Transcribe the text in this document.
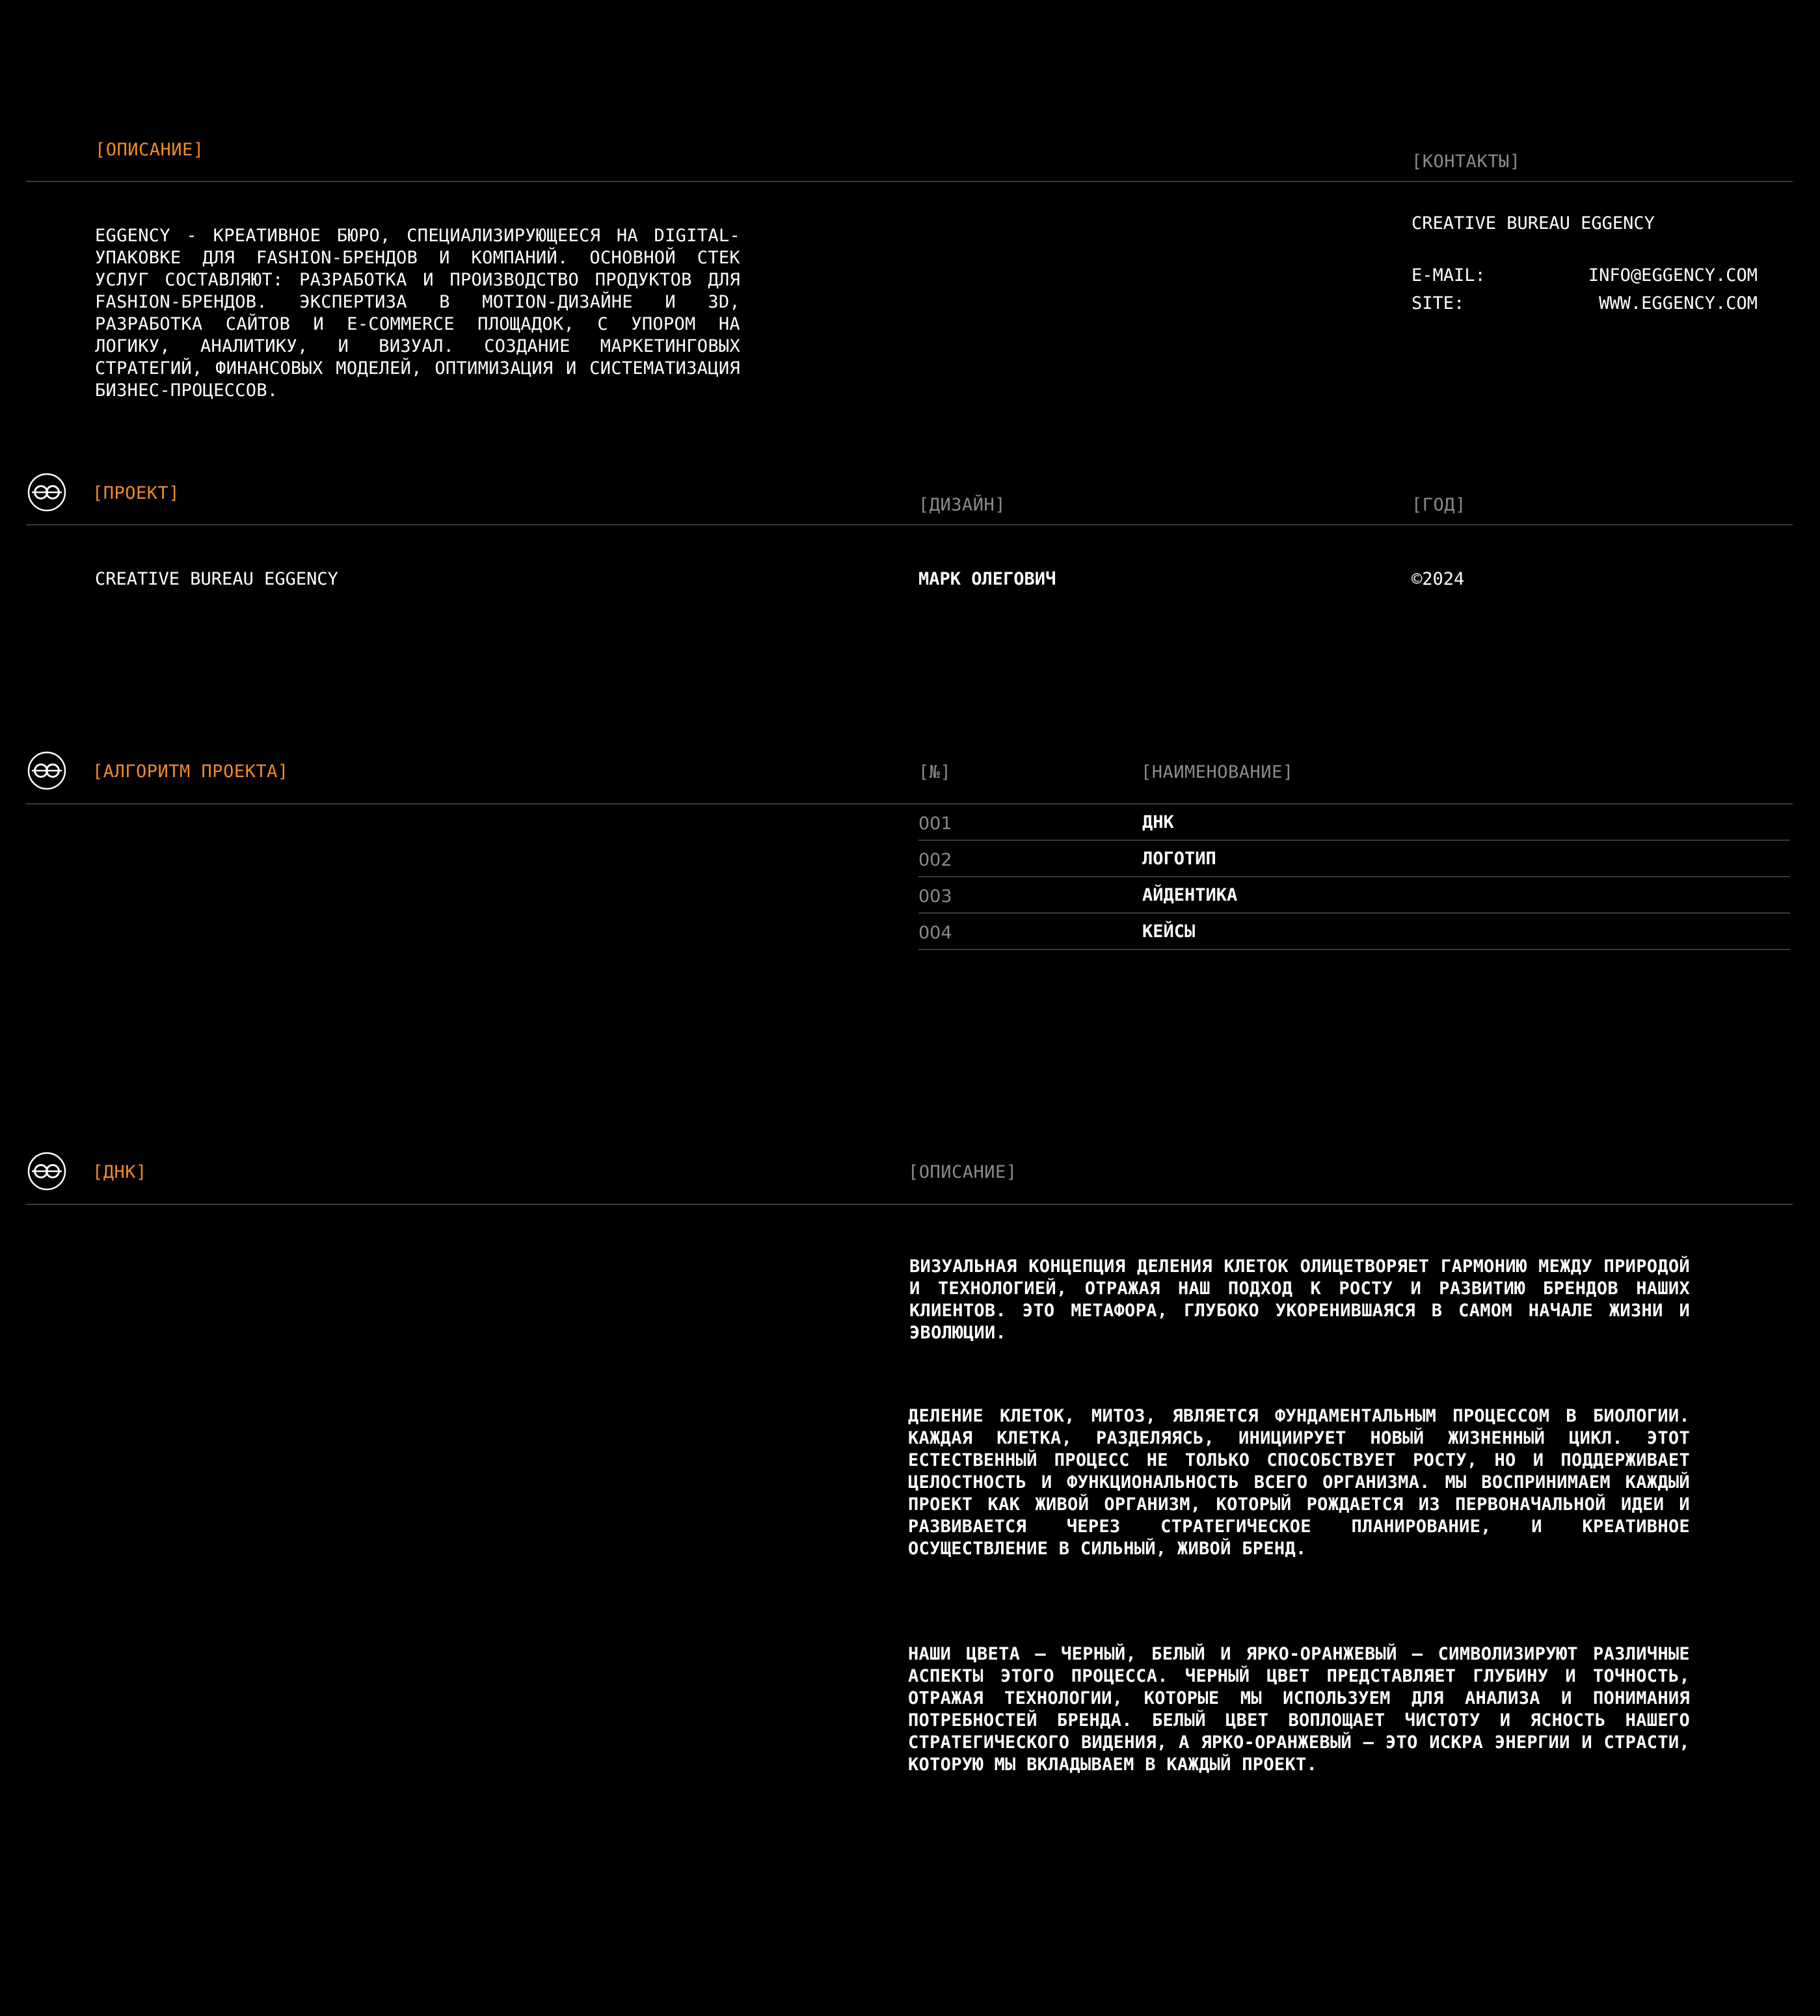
[ОПИСАНИЕ]
[КОНТАКТЫ]
EGGENCY - КРЕАТИВНОЕ БЮРО, СПЕЦИАЛИЗИРУЮЩЕЕСЯ НА DIGITAL-УПАКОВКЕ ДЛЯ FASHION-БРЕНДОВ И КОМПАНИЙ. ОСНОВНОЙ СТЕК УСЛУГ СОСТАВЛЯЮТ: РАЗРАБОТКА И ПРОИЗВОДСТВО ПРОДУКТОВ ДЛЯ FASHION-БРЕНДОВ. ЭКСПЕРТИЗА В MOTION-ДИЗАЙНЕ И 3D, РАЗРАБОТКА САЙТОВ И E-COMMERCE ПЛОЩАДОК, С УПОРОМ НА ЛОГИКУ, АНАЛИТИКУ, И ВИЗУАЛ. СОЗДАНИЕ МАРКЕТИНГОВЫХ СТРАТЕГИЙ, ФИНАНСОВЫХ МОДЕЛЕЙ, ОПТИМИЗАЦИЯ И СИСТЕМАТИЗАЦИЯ БИЗНЕС-ПРОЦЕССОВ.
CREATIVE BUREAU EGGENCY
E-MAIL:	INFO@EGGENCY.COM
SITE:	WWW.EGGENCY.COM
[ПРОЕКТ]
[ДИЗАЙН]	[ГОД]
CREATIVE BUREAU EGGENCY	МАРК ОЛЕГОВИЧ	©2024
[АЛГОРИТМ ПРОЕКТА]	[№]	[НАИМЕНОВАНИЕ]
001	ДНК
002	ЛОГОТИП
003	АЙДЕНТИКА
004	КЕЙСЫ
[ДНК]	[ОПИСАНИЕ]
ВИЗУАЛЬНАЯ КОНЦЕПЦИЯ ДЕЛЕНИЯ КЛЕТОК ОЛИЦЕТВОРЯЕТ ГАРМОНИЮ МЕЖДУ ПРИРОДОЙ И ТЕХНОЛОГИЕЙ, ОТРАЖАЯ НАШ ПОДХОД К РОСТУ И РАЗВИТИЮ БРЕНДОВ НАШИХ КЛИЕНТОВ. ЭТО МЕТАФОРА, ГЛУБОКО УКОРЕНИВШАЯСЯ В САМОМ НАЧАЛЕ ЖИЗНИ И ЭВОЛЮЦИИ.
ДЕЛЕНИЕ КЛЕТОК, МИТОЗ, ЯВЛЯЕТСЯ ФУНДАМЕНТАЛЬНЫМ ПРОЦЕССОМ В БИОЛОГИИ. КАЖДАЯ КЛЕТКА, РАЗДЕЛЯЯСЬ, ИНИЦИИРУЕТ НОВЫЙ ЖИЗНЕННЫЙ ЦИКЛ. ЭТОТ ЕСТЕСТВЕННЫЙ ПРОЦЕСС НЕ ТОЛЬКО СПОСОБСТВУЕТ РОСТУ, НО И ПОДДЕРЖИВАЕТ ЦЕЛОСТНОСТЬ И ФУНКЦИОНАЛЬНОСТЬ ВСЕГО ОРГАНИЗМА. МЫ ВОСПРИНИМАЕМ КАЖДЫЙ ПРОЕКТ КАК ЖИВОЙ ОРГАНИЗМ, КОТОРЫЙ РОЖДАЕТСЯ ИЗ ПЕРВОНАЧАЛЬНОЙ ИДЕИ И РАЗВИВАЕТСЯ ЧЕРЕЗ СТРАТЕГИЧЕСКОЕ ПЛАНИРОВАНИЕ, И КРЕАТИВНОЕ ОСУЩЕСТВЛЕНИЕ В СИЛЬНЫЙ, ЖИВОЙ БРЕНД.
НАШИ ЦВЕТА — ЧЕРНЫЙ, БЕЛЫЙ И ЯРКО-ОРАНЖЕВЫЙ — СИМВОЛИЗИРУЮТ РАЗЛИЧНЫЕ АСПЕКТЫ ЭТОГО ПРОЦЕССА. ЧЕРНЫЙ ЦВЕТ ПРЕДСТАВЛЯЕТ ГЛУБИНУ И ТОЧНОСТЬ, ОТРАЖАЯ ТЕХНОЛОГИИ, КОТОРЫЕ МЫ ИСПОЛЬЗУЕМ ДЛЯ АНАЛИЗА И ПОНИМАНИЯ ПОТРЕБНОСТЕЙ БРЕНДА. БЕЛЫЙ ЦВЕТ ВОПЛОЩАЕТ ЧИСТОТУ И ЯСНОСТЬ НАШЕГО СТРАТЕГИЧЕСКОГО ВИДЕНИЯ, А ЯРКО-ОРАНЖЕВЫЙ — ЭТО ИСКРА ЭНЕРГИИ И СТРАСТИ, КОТОРУЮ МЫ ВКЛАДЫВАЕМ В КАЖДЫЙ ПРОЕКТ.
